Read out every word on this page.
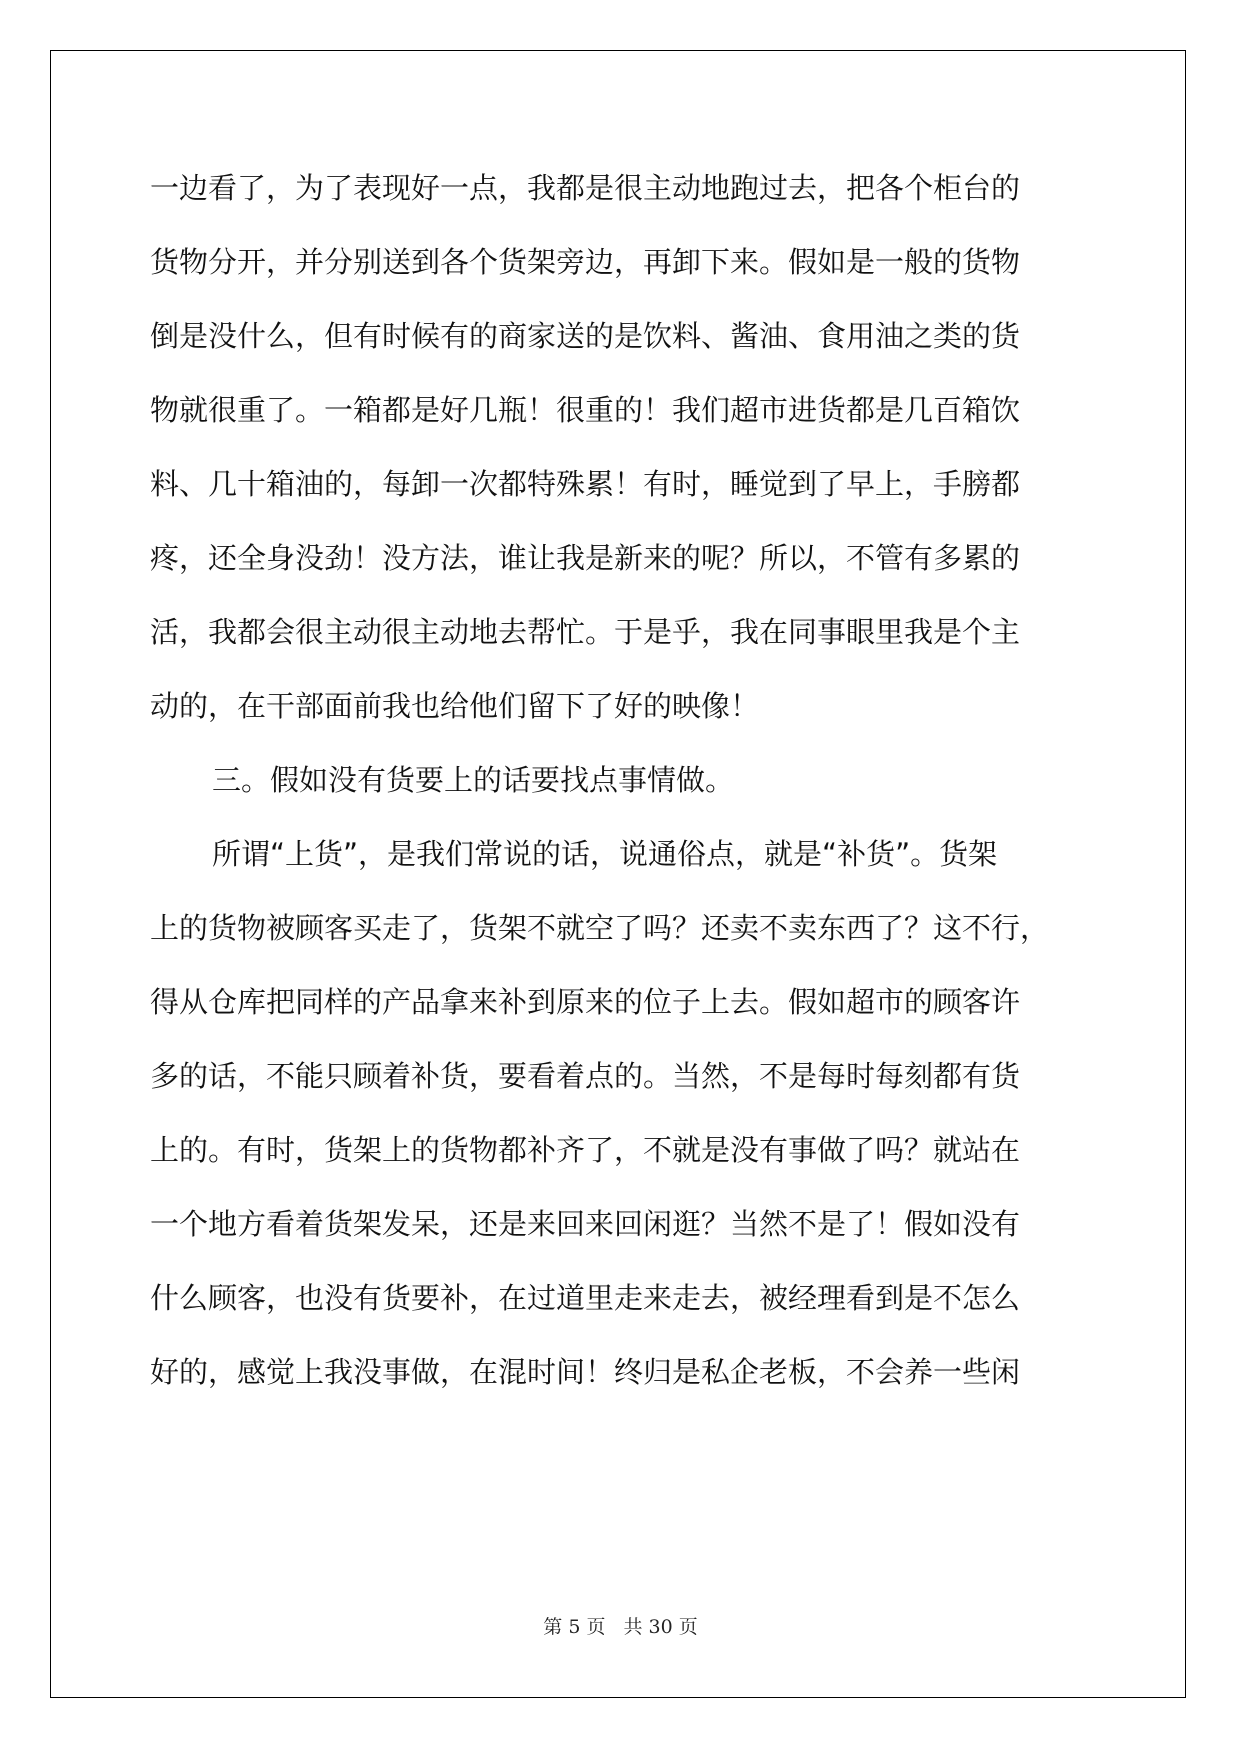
一边看了，为了表现好一点，我都是很主动地跑过去，把各个柜台的
货物分开，并分别送到各个货架旁边，再卸下来。假如是一般的货物
倒是没什么，但有时候有的商家送的是饮料、酱油、食用油之类的货
物就很重了。一箱都是好几瓶！很重的！我们超市进货都是几百箱饮
料、几十箱油的，每卸一次都特殊累！有时，睡觉到了早上，手膀都
疼，还全身没劲！没方法，谁让我是新来的呢？所以，不管有多累的
活，我都会很主动很主动地去帮忙。于是乎，我在同事眼里我是个主
动的，在干部面前我也给他们留下了好的映像！
三。假如没有货要上的话要找点事情做。
所谓“上货”，是我们常说的话，说通俗点，就是“补货”。货架
上的货物被顾客买走了，货架不就空了吗？还卖不卖东西了？这不行，
得从仓库把同样的产品拿来补到原来的位子上去。假如超市的顾客许
多的话，不能只顾着补货，要看着点的。当然，不是每时每刻都有货
上的。有时，货架上的货物都补齐了，不就是没有事做了吗？就站在
一个地方看着货架发呆，还是来回来回闲逛？当然不是了！假如没有
什么顾客，也没有货要补，在过道里走来走去，被经理看到是不怎么
好的，感觉上我没事做，在混时间！终归是私企老板，不会养一些闲
第 5 页 共 30 页
